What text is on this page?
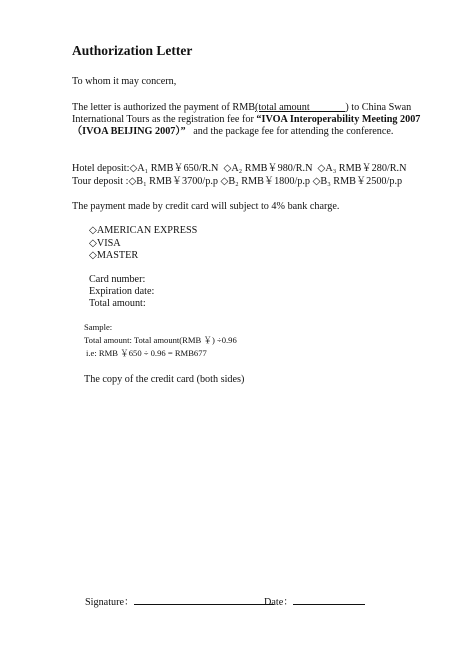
Authorization Letter
To whom it may concern,
The letter is authorized the payment of RMB(total amount_______) to China Swan
International Tours as the registration fee for “IVOA Interoperability Meeting 2007
（IVOA BEIJING 2007）” and the package fee for attending the conference.
Hotel deposit:◇A₁ RMB￥650/R.N ◇A₂ RMB￥980/R.N ◇A₃ RMB￥280/R.N
Tour deposit :◇B₁ RMB￥3700/p.p ◇B₂ RMB￥1800/p.p ◇B₃ RMB￥2500/p.p
The payment made by credit card will subject to 4% bank charge.
◇AMERICAN EXPRESS
◇VISA
◇MASTER
Card number:
Expiration date:
Total amount:
Sample:
Total amount: Total amount(RMB ￥) ÷0.96
i.e: RMB ￥650 ÷ 0.96 = RMB677
The copy of the credit card (both sides)
Signature：	Date：
